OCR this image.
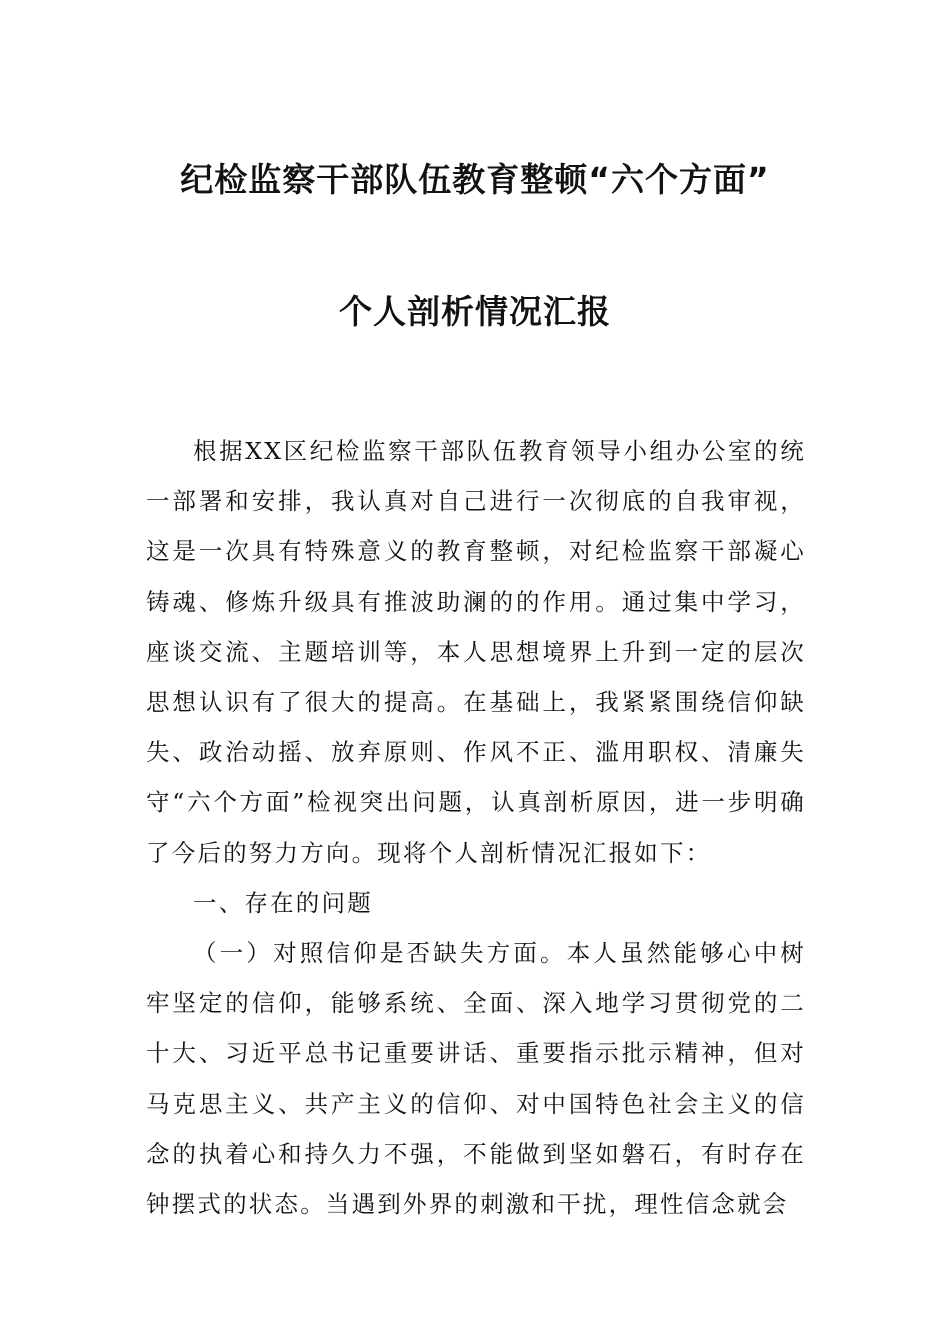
纪检监察干部队伍教育整顿“六个方面”
个人剖析情况汇报

根据XX区纪检监察干部队伍教育领导小组办公室的统一部署和安排，我认真对自己进行一次彻底的自我审视，这是一次具有特殊意义的教育整顿，对纪检监察干部凝心铸魂、修炼升级具有推波助澜的的作用。通过集中学习，座谈交流、主题培训等，本人思想境界上升到一定的层次思想认识有了很大的提高。在基础上，我紧紧围绕信仰缺失、政治动摇、放弃原则、作风不正、滥用职权、清廉失守“六个方面”检视突出问题，认真剖析原因，进一步明确了今后的努力方向。现将个人剖析情况汇报如下：

一、存在的问题

（一）对照信仰是否缺失方面。本人虽然能够心中树牢坚定的信仰，能够系统、全面、深入地学习贯彻党的二十大、习近平总书记重要讲话、重要指示批示精神，但对马克思主义、共产主义的信仰、对中国特色社会主义的信念的执着心和持久力不强，不能做到坚如磐石，有时存在钟摆式的状态。当遇到外界的刺激和干扰，理性信念就会
